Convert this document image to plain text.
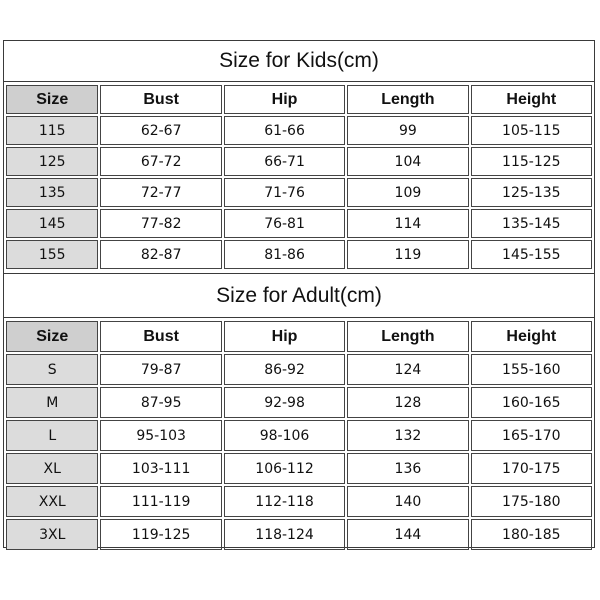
Size for Kids(cm)
Size	Bust	Hip	Length	Height
115	62-67	61-66	99	105-115
125	67-72	66-71	104	115-125
135	72-77	71-76	109	125-135
145	77-82	76-81	114	135-145
155	82-87	81-86	119	145-155
Size for Adult(cm)
Size	Bust	Hip	Length	Height
S	79-87	86-92	124	155-160
M	87-95	92-98	128	160-165
L	95-103	98-106	132	165-170
XL	103-111	106-112	136	170-175
XXL	111-119	112-118	140	175-180
3XL	119-125	118-124	144	180-185
